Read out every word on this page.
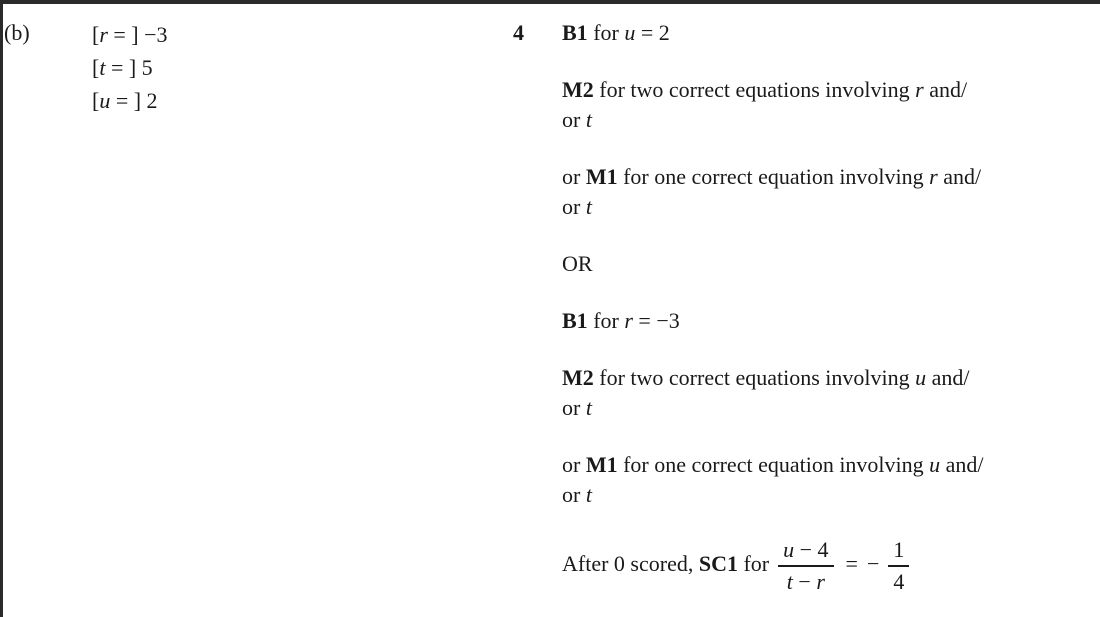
(b)	[r = ] −3
[t = ] 5
[u = ] 2
4	B1 for u = 2

M2 for two correct equations involving r and/
or t

or M1 for one correct equation involving r and/
or t

OR

B1 for r = −3

M2 for two correct equations involving u and/
or t

or M1 for one correct equation involving u and/
or t

After 0 scored, SC1 for $\frac{u - 4}{t - r}$ = − $\frac{1}{4}$
